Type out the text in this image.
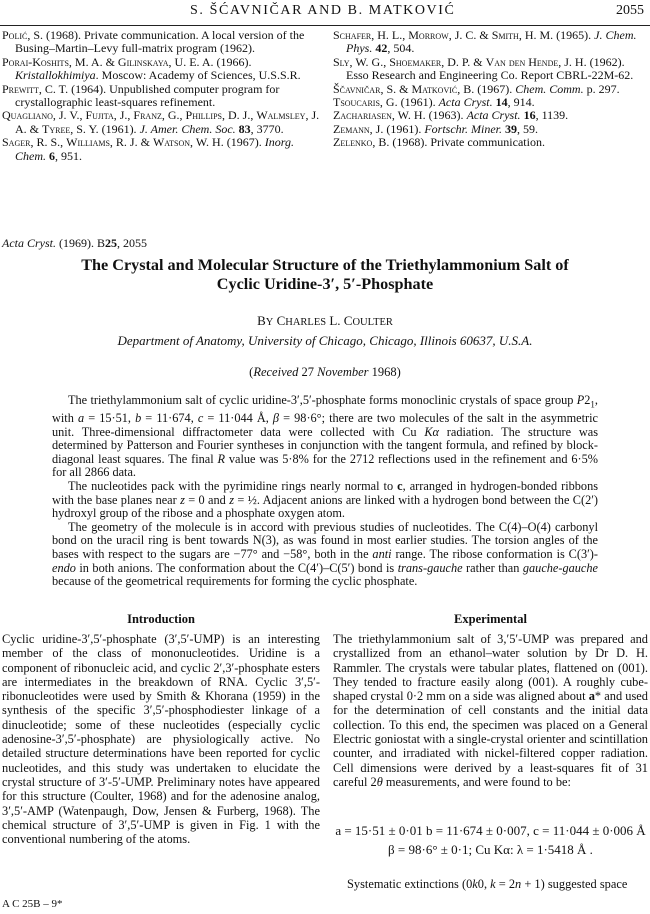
S. ŠĆAVNIČAR AND B. MATKOVIĆ	2055

Polić, S. (1968). Private communication. A local version of the Busing–Martin–Levy full-matrix program (1962).

Porai-Koshits, M. A. & Gilinskaya, U. E. A. (1966). Kristallokhimiya. Moscow: Academy of Sciences, U.S.S.R.

Prewitt, C. T. (1964). Unpublished computer program for crystallographic least-squares refinement.

Quagliano, J. V., Fujita, J., Franz, G., Phillips, D. J., Walmsley, J. A. & Tyree, S. Y. (1961). J. Amer. Chem. Soc. 83, 3770.

Sager, R. S., Williams, R. J. & Watson, W. H. (1967). Inorg. Chem. 6, 951.

Schafer, H. L., Morrow, J. C. & Smith, H. M. (1965). J. Chem. Phys. 42, 504.

Sly, W. G., Shoemaker, D. P. & Van den Hende, J. H. (1962). Esso Research and Engineering Co. Report CBRL-22M-62.

Ščavničar, S. & Matković, B. (1967). Chem. Comm. p. 297.

Tsoucaris, G. (1961). Acta Cryst. 14, 914.

Zachariasen, W. H. (1963). Acta Cryst. 16, 1139.

Zemann, J. (1961). Fortschr. Miner. 39, 59.

Zelenko, B. (1968). Private communication.

Acta Cryst. (1969). B25, 2055
The Crystal and Molecular Structure of the Triethylammonium Salt of
Cyclic Uridine-3′, 5′-Phosphate
BY CHARLES L. COULTER
Department of Anatomy, University of Chicago, Chicago, Illinois 60637, U.S.A.
(Received 27 November 1968)

The triethylammonium salt of cyclic uridine-3′,5′-phosphate forms monoclinic crystals of space group $P2_1$, with a = 15·51, b = 11·674, c = 11·044 Å, β = 98·6°; there are two molecules of the salt in the asymmetric unit. Three-dimensional diffractometer data were collected with Cu Kα radiation. The structure was determined by Patterson and Fourier syntheses in conjunction with the tangent formula, and refined by block-diagonal least squares. The final R value was 5·8% for the 2712 reflections used in the refinement and 6·5% for all 2866 data.

The nucleotides pack with the pyrimidine rings nearly normal to c, arranged in hydrogen-bonded ribbons with the base planes near z = 0 and z = ½. Adjacent anions are linked with a hydrogen bond between the C(2′) hydroxyl group of the ribose and a phosphate oxygen atom.

The geometry of the molecule is in accord with previous studies of nucleotides. The C(4)–O(4) carbonyl bond on the uracil ring is bent towards N(3), as was found in most earlier studies. The torsion angles of the bases with respect to the sugars are −77° and −58°, both in the anti range. The ribose conformation is C(3′)-endo in both anions. The conformation about the C(4′)–C(5′) bond is trans-gauche rather than gauche-gauche because of the geometrical requirements for forming the cyclic phosphate.

Introduction	Experimental

Cyclic uridine-3′,5′-phosphate (3′,5′-UMP) is an interesting member of the class of mononucleotides. Uridine is a component of ribonucleic acid, and cyclic 2′,3′-phosphate esters are intermediates in the breakdown of RNA. Cyclic 3′,5′-ribonucleotides were used by Smith & Khorana (1959) in the synthesis of the specific 3′,5′-phosphodiester linkage of a dinucleotide; some of these nucleotides (especially cyclic adenosine-3′,5′-phosphate) are physiologically active. No detailed structure determinations have been reported for cyclic nucleotides, and this study was undertaken to elucidate the crystal structure of 3′-5′-UMP. Preliminary notes have appeared for this structure (Coulter, 1968) and for the adenosine analog, 3′,5′-AMP (Watenpaugh, Dow, Jensen & Furberg, 1968). The chemical structure of 3′,5′-UMP is given in Fig. 1 with the conventional numbering of the atoms.

The triethylammonium salt of 3,′5′-UMP was prepared and crystallized from an ethanol–water solution by Dr D. H. Rammler. The crystals were tabular plates, flattened on (001). They tended to fracture easily along (001). A roughly cube-shaped crystal 0·2 mm on a side was aligned about a* and used for the determination of cell constants and the initial data collection. To this end, the specimen was placed on a General Electric goniostat with a single-crystal orienter and scintillation counter, and irradiated with nickel-filtered copper radiation. Cell dimensions were derived by a least-squares fit of 31 careful 2θ measurements, and were found to be:

a = 15·51 ± 0·01 b = 11·674 ± 0·007, c = 11·044 ± 0·006 Å
β = 98·6° ± 0·1; Cu Kα: λ = 1·5418 Å .
Systematic extinctions (0k0, k = 2n + 1) suggested space
A C 25B – 9*
